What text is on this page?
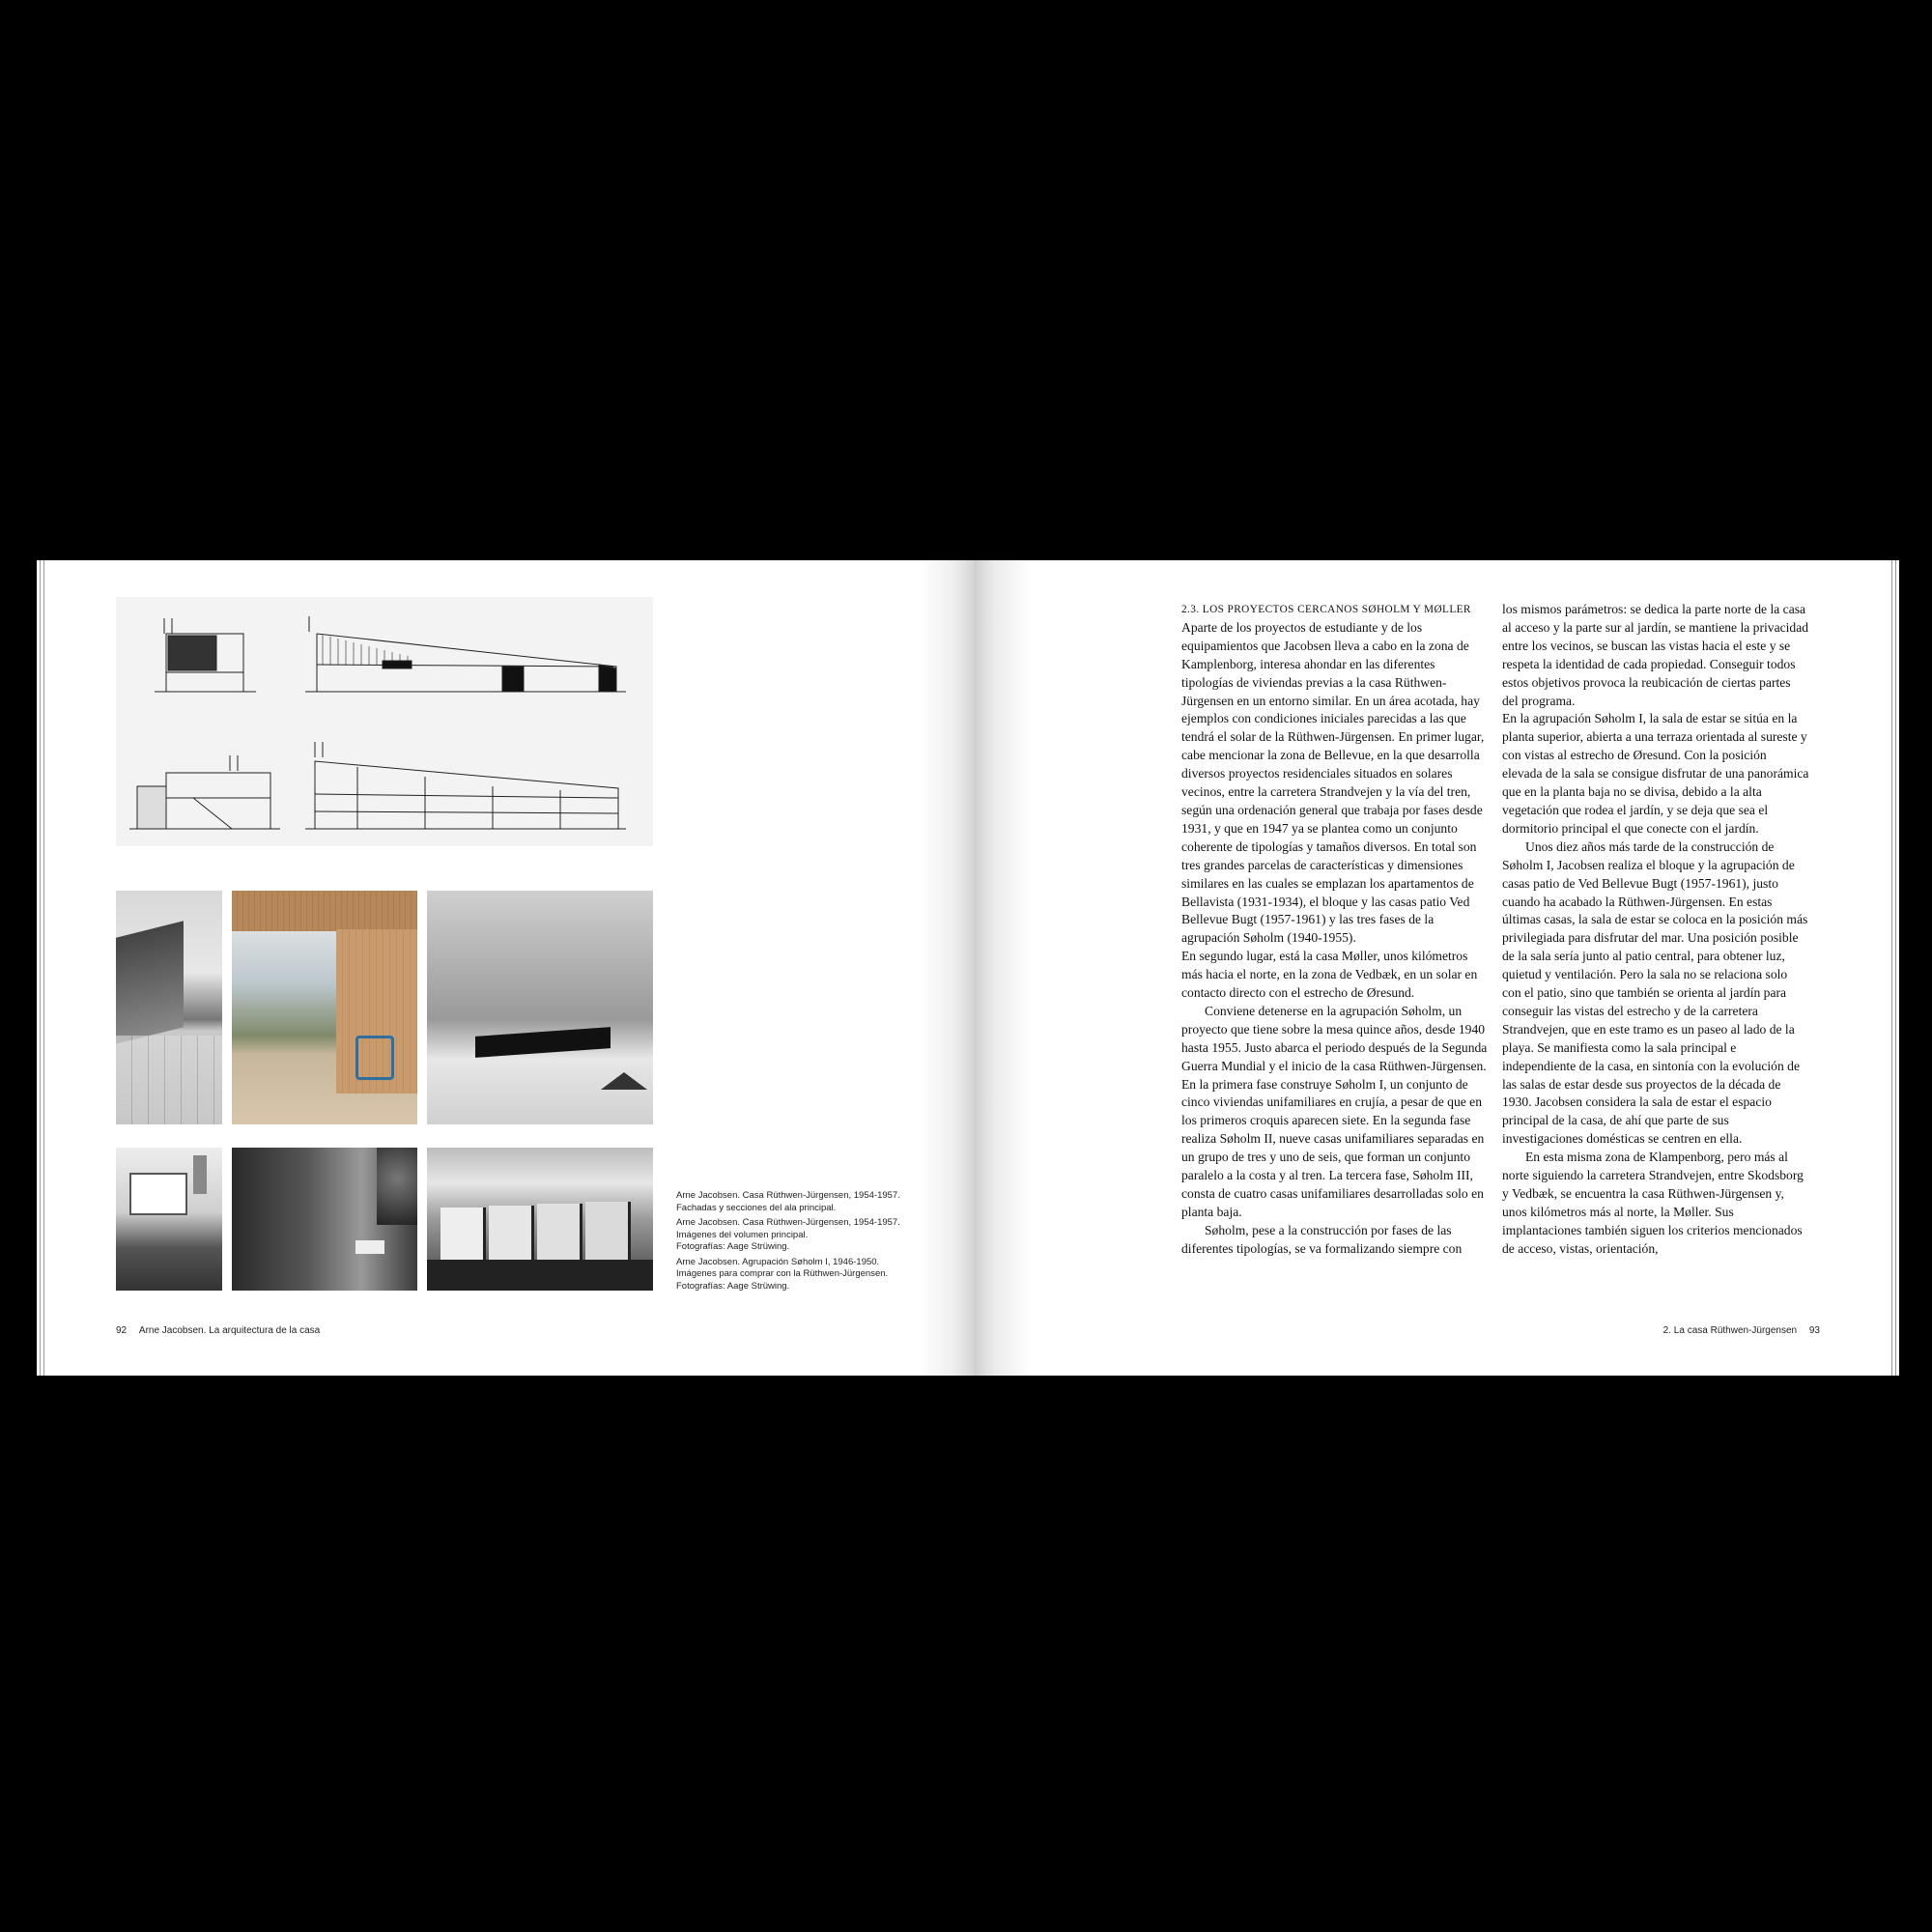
Arne Jacobsen. Casa Rüthwen-Jürgensen, 1954-1957.
Fachadas y secciones del ala principal.

Arne Jacobsen. Casa Rüthwen-Jürgensen, 1954-1957.
Imágenes del volumen principal.
Fotografías: Aage Strüwing.

Arne Jacobsen. Agrupación Søholm I, 1946-1950.
Imágenes para comprar con la Rüthwen-Jürgensen.
Fotografías: Aage Strüwing.

92 Arne Jacobsen. La arquitectura de la casa

2.3. LOS PROYECTOS CERCANOS SØHOLM Y MØLLER

Aparte de los proyectos de estudiante y de los equipamientos que Jacobsen lleva a cabo en la zona de Kamplenborg, interesa ahondar en las diferentes tipologías de viviendas previas a la casa Rüthwen-Jürgensen en un entorno similar. En un área acotada, hay ejemplos con condiciones iniciales parecidas a las que tendrá el solar de la Rüthwen-Jürgensen. En primer lugar, cabe mencionar la zona de Bellevue, en la que desarrolla diversos proyectos residenciales situados en solares vecinos, entre la carretera Strandvejen y la vía del tren, según una ordenación general que trabaja por fases desde 1931, y que en 1947 ya se plantea como un conjunto coherente de tipologías y tamaños diversos. En total son tres grandes parcelas de características y dimensiones similares en las cuales se emplazan los apartamentos de Bellavista (1931-1934), el bloque y las casas patio Ved Bellevue Bugt (1957-1961) y las tres fases de la agrupación Søholm (1940-1955).

En segundo lugar, está la casa Møller, unos kilómetros más hacia el norte, en la zona de Vedbæk, en un solar en contacto directo con el estrecho de Øresund.

Conviene detenerse en la agrupación Søholm, un proyecto que tiene sobre la mesa quince años, desde 1940 hasta 1955. Justo abarca el periodo después de la Segunda Guerra Mundial y el inicio de la casa Rüthwen-Jürgensen. En la primera fase construye Søholm I, un conjunto de cinco viviendas unifamiliares en crujía, a pesar de que en los primeros croquis aparecen siete. En la segunda fase realiza Søholm II, nueve casas unifamiliares separadas en un grupo de tres y uno de seis, que forman un conjunto paralelo a la costa y al tren. La tercera fase, Søholm III, consta de cuatro casas unifamiliares desarrolladas solo en planta baja.

Søholm, pese a la construcción por fases de las diferentes tipologías, se va formalizando siempre con

los mismos parámetros: se dedica la parte norte de la casa al acceso y la parte sur al jardín, se mantiene la privacidad entre los vecinos, se buscan las vistas hacia el este y se respeta la identidad de cada propiedad. Conseguir todos estos objetivos provoca la reubicación de ciertas partes del programa.

En la agrupación Søholm I, la sala de estar se sitúa en la planta superior, abierta a una terraza orientada al sureste y con vistas al estrecho de Øresund. Con la posición elevada de la sala se consigue disfrutar de una panorámica que en la planta baja no se divisa, debido a la alta vegetación que rodea el jardín, y se deja que sea el dormitorio principal el que conecte con el jardín.

Unos diez años más tarde de la construcción de Søholm I, Jacobsen realiza el bloque y la agrupación de casas patio de Ved Bellevue Bugt (1957-1961), justo cuando ha acabado la Rüthwen-Jürgensen. En estas últimas casas, la sala de estar se coloca en la posición más privilegiada para disfrutar del mar. Una posición posible de la sala sería junto al patio central, para obtener luz, quietud y ventilación. Pero la sala no se relaciona solo con el patio, sino que también se orienta al jardín para conseguir las vistas del estrecho y de la carretera Strandvejen, que en este tramo es un paseo al lado de la playa. Se manifiesta como la sala principal e independiente de la casa, en sintonía con la evolución de las salas de estar desde sus proyectos de la década de 1930. Jacobsen considera la sala de estar el espacio principal de la casa, de ahí que parte de sus investigaciones domésticas se centren en ella.

En esta misma zona de Klampenborg, pero más al norte siguiendo la carretera Strandvejen, entre Skodsborg y Vedbæk, se encuentra la casa Rüthwen-Jürgensen y, unos kilómetros más al norte, la Møller. Sus implantaciones también siguen los criterios mencionados de acceso, vistas, orientación,

2. La casa Rüthwen-Jürgensen 93
